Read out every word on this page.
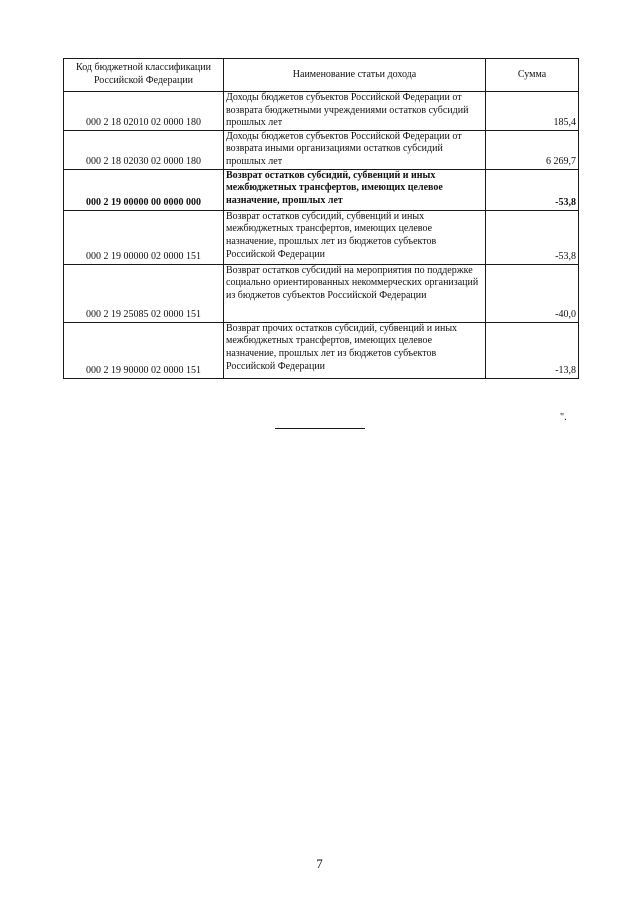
Код бюджетной классификации Российской Федерации	Наименование статьи дохода	Сумма
000 2 18 02010 02 0000 180	Доходы бюджетов субъектов Российской Федерации от возврата бюджетными учреждениями остатков субсидий прошлых лет	185,4
000 2 18 02030 02 0000 180	Доходы бюджетов субъектов Российской Федерации от возврата иными организациями остатков субсидий прошлых лет	6 269,7
000 2 19 00000 00 0000 000	Возврат остатков субсидий, субвенций и иных межбюджетных трансфертов, имеющих целевое назначение, прошлых лет	-53,8
000 2 19 00000 02 0000 151	Возврат остатков субсидий, субвенций и иных межбюджетных трансфертов, имеющих целевое назначение, прошлых лет из бюджетов субъектов Российской Федерации	-53,8
000 2 19 25085 02 0000 151	Возврат остатков субсидий на мероприятия по поддержке социально ориентированных некоммерческих организаций из бюджетов субъектов Российской Федерации	-40,0
000 2 19 90000 02 0000 151	Возврат прочих остатков субсидий, субвенций и иных межбюджетных трансфертов, имеющих целевое назначение, прошлых лет из бюджетов субъектов Российской Федерации	-13,8
".
7
